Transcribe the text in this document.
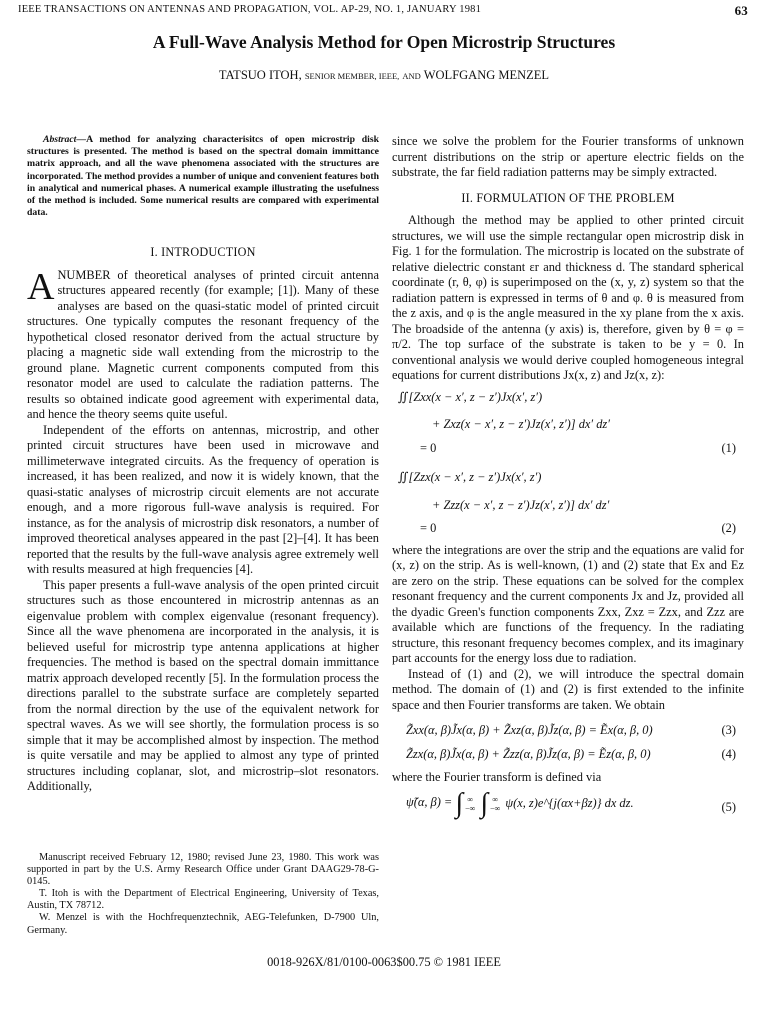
IEEE TRANSACTIONS ON ANTENNAS AND PROPAGATION, VOL. AP-29, NO. 1, JANUARY 1981	63
A Full-Wave Analysis Method for Open Microstrip Structures
TATSUO ITOH, SENIOR MEMBER, IEEE, AND WOLFGANG MENZEL

Abstract—A method for analyzing characterisitcs of open microstrip disk structures is presented. The method is based on the spectral domain immittance matrix approach, and all the wave phenomena associated with the structures are incorporated. The method provides a number of unique and convenient features both in analytical and numerical phases. A numerical example illustrating the usefulness of the method is included. Some numerical results are compared with experimental data.

I. INTRODUCTION

ANUMBER of theoretical analyses of printed circuit antenna structures appeared recently (for example; [1]). Many of these analyses are based on the quasi-static model of printed circuit structures. One typically computes the resonant frequency of the hypothetical closed resonator derived from the actual structure by placing a magnetic side wall extending from the microstrip to the ground plane. Magnetic current components computed from this resonator model are used to calculate the radiation patterns. The results so obtained indicate good agreement with experimental data, and hence the theory seems quite useful.

Independent of the efforts on antennas, microstrip, and other printed circuit structures have been used in microwave and millimeterwave integrated circuits. As the frequency of operation is increased, it has been realized, and now it is widely known, that the quasi-static analyses of microstrip circuit elements are not accurate enough, and a more rigorous full-wave analysis is required. For instance, as for the analysis of microstrip disk resonators, a number of improved theoretical analyses appeared in the past [2]–[4]. It has been reported that the results by the full-wave analysis agree extremely well with results measured at high frequencies [4].

This paper presents a full-wave analysis of the open printed circuit structures such as those encountered in microstrip antennas as an eigenvalue problem with complex eigenvalue (resonant frequency). Since all the wave phenomena are incorporated in the analysis, it is believed useful for microstrip type antenna applications at higher frequencies. The method is based on the spectral domain immittance matrix approach developed recently [5]. In the formulation process the directions parallel to the substrate surface are completely separted from the normal direction by the use of the equivalent network for spectral waves. As we will see shortly, the formulation process is so simple that it may be accomplished almost by inspection. The method is quite versatile and may be applied to almost any type of printed structures including coplanar, slot, and microstrip–slot resonators. Additionally,

Manuscript received February 12, 1980; revised June 23, 1980. This work was supported in part by the U.S. Army Research Office under Grant DAAG29-78-G-0145.

T. Itoh is with the Department of Electrical Engineering, University of Texas, Austin, TX 78712.

W. Menzel is with the Hochfrequenztechnik, AEG-Telefunken, D-7900 Uln, Germany.

since we solve the problem for the Fourier transforms of unknown current distributions on the strip or aperture electric fields on the substrate, the far field radiation patterns may be simply extracted.

II. FORMULATION OF THE PROBLEM

Although the method may be applied to other printed circuit structures, we will use the simple rectangular open microstrip disk in Fig. 1 for the formulation. The microstrip is located on the substrate of relative dielectric constant εr and thickness d. The standard spherical coordinate (r, θ, φ) is superimposed on the (x, y, z) system so that the radiation pattern is expressed in terms of θ and φ. θ is measured from the z axis, and φ is the angle measured in the xy plane from the x axis. The broadside of the antenna (y axis) is, therefore, given by θ = φ = π/2. The top surface of the substrate is taken to be y = 0. In conventional analysis we would derive coupled homogeneous integral equations for current distributions Jx(x, z) and Jz(x, z):

∬[Zxx(x − x′, z − z′)Jx(x′, z′)
+ Zxz(x − x′, z − z′)Jz(x′, z′)] dx′ dz′
= 0	(1)
∬[Zzx(x − x′, z − z′)Jx(x′, z′)
+ Zzz(x − x′, z − z′)Jz(x′, z′)] dx′ dz′
= 0	(2)

where the integrations are over the strip and the equations are valid for (x, z) on the strip. As is well-known, (1) and (2) state that Ex and Ez are zero on the strip. These equations can be solved for the complex resonant frequency and the current components Jx and Jz, provided all the dyadic Green's function components Zxx, Zxz = Zzx, and Zzz are available which are functions of the frequency. In the radiating structure, this resonant frequency becomes complex, and its imaginary part accounts for the energy loss due to radiation.

Instead of (1) and (2), we will introduce the spectral domain method. The domain of (1) and (2) is first extended to the infinite space and then Fourier transforms are taken. We obtain

Z̃xx(α, β)J̃x(α, β) + Z̃xz(α, β)J̃z(α, β) = Ẽx(α, β, 0)	(3)
Z̃zx(α, β)J̃x(α, β) + Z̃zz(α, β)J̃z(α, β) = Ẽz(α, β, 0)	(4)

where the Fourier transform is defined via

ψ̃(α, β) = ∫ ∞
−∞ ∫ ∞
−∞ ψ(x, z)e^{j(αx+βz)} dx dz.	(5)
0018-926X/81/0100-0063$00.75 © 1981 IEEE
